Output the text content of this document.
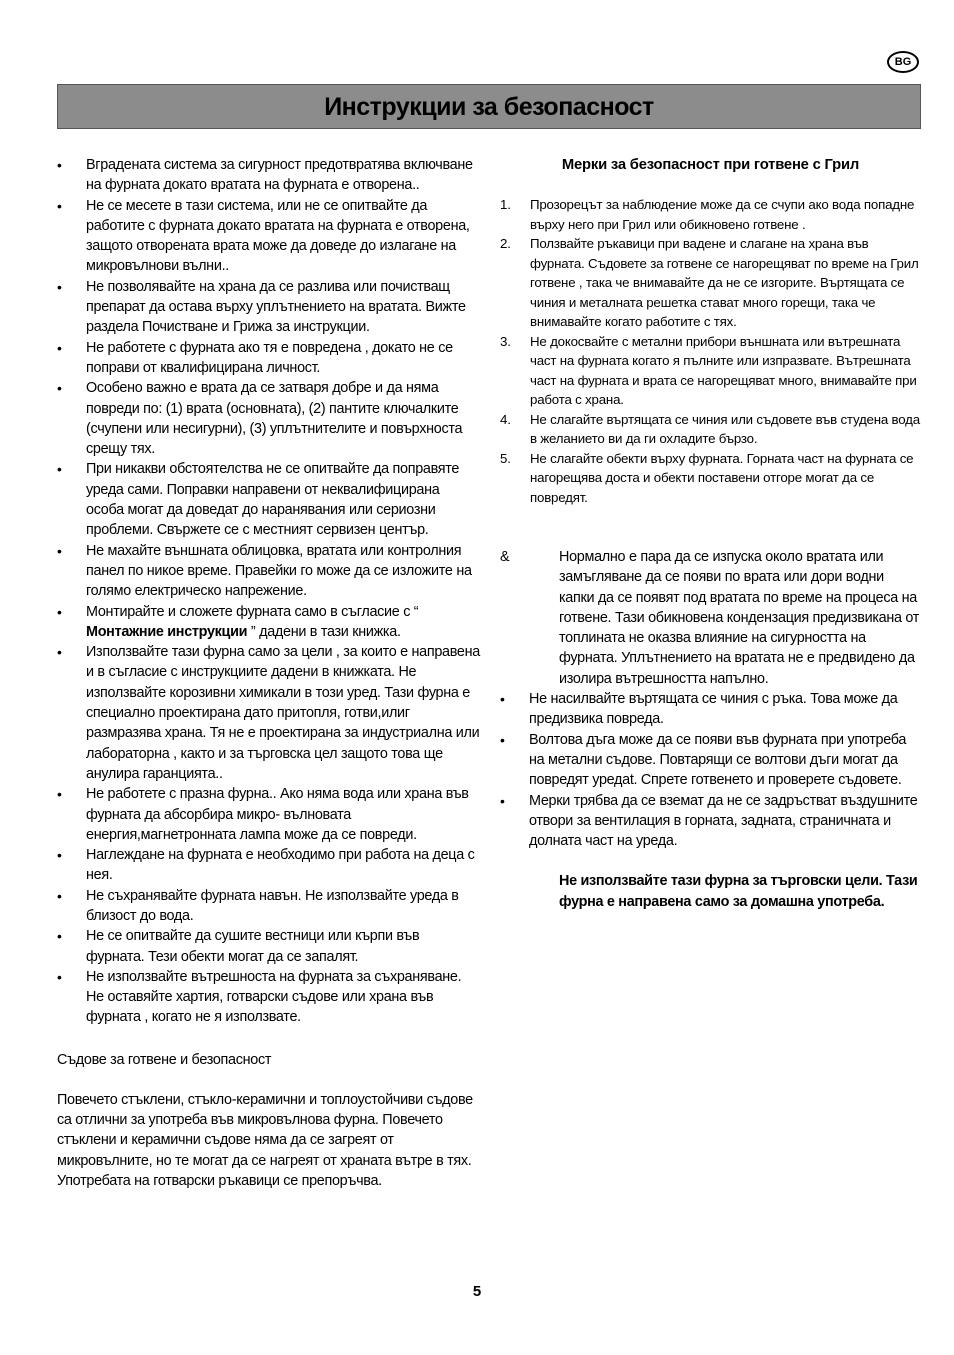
BG
Инструкции за безопасност
• Вградената система за сигурност предотвратява включване на фурната докато вратата на фурната е отворена..
• Не се месете в тази система, или не се опитвайте да работите с фурната докато вратата на фурната е отворена, защото отворената врата може да доведе до излагане на микровълнови вълни..
• Не позволявайте на храна да се разлива или почистващ препарат да остава върху уплътнението на вратата. Вижте раздела Почистване и Грижа за инструкции.
• Не работете с фурната ако тя е повредена , докато не се поправи от квалифицирана личност.
• Особено важно е врата да се затваря добре и да няма повреди по: (1) врата (основната), (2) пантите ключалките (счупени или несигурни), (3) уплътнителите и повърхноста срещу тях.
• При никакви обстоятелства не се опитвайте да поправяте уреда сами. Поправки направени от неквалифицирана особа могат да доведат до наранявания или сериозни проблеми. Свържете се с местният сервизен център.
• Не махайте външната облицовка, вратата или контролния панел по никое време. Правейки го може да се изложите на голямо електрическо напрежение.
• Монтирайте и сложете фурната само в съгласие с “ Монтажние инструкции ” дадени в тази книжка.
• Използвайте тази фурна само за цели , за които е направена и в съгласие с инструкциите дадени в книжката. Не използвайте корозивни химикали в този уред. Тази фурна е специално проектирана дато притопля, готви,илиг размразява храна. Тя не е проектирана за индустриална или лабораторна , както и за търговска цел защото това ще анулира гаранцията..
• Не работете с празна фурна.. Ако няма вода или храна във фурната да абсорбира микро- вълновата енергия,магнетронната лампа може да се повреди.
• Наглеждане на фурната е необходимо при работа на деца с нея.
• Не съхранявайте фурната навън. Не използвайте уреда в близост до вода.
• Не се опитвайте да сушите вестници или кърпи във фурната. Тези обекти могат да се запалят.
• Не използвайте вътрешноста на фурната за съхраняване. Не оставяйте хартия, готварски съдове или храна във фурната , когато не я използвате.
Съдове за готвене и безопасност
Повечето стъклени, стъкло-керамични и топлоустойчиви съдове са отлични за употреба във микровълнова фурна. Повечето стъклени и керамични съдове няма да се загреят от микровълните, но те могат да се нагреят от храната вътре в тях. Употребата на готварски ръкавици се препоръчва.
Мерки за безопасност при готвене с Грил
1. Прозорецът за наблюдение може да се счупи ако вода попадне върху него при Грил или обикновено готвене .
2. Ползвайте ръкавици при ваденe и слагане на храна във фурната. Съдовете за готвене се нагорещяват по време на Грил готвене , така че внимавайте да не се изгорите. Въртящата се чиния и металната решетка стават много горещи, така че внимавайте когато работите с тях.
3. Не докосвайте с метални прибори външната или вътрешната част на фурната когато я пълните или изпразвате. Вътрешната част на фурната и врата се нагорещяват много, внимавайте при работа с храна.
4. Не слагайте въртящата се чиния или съдовете във студена вода в желанието ви да ги охладите бързо.
5. Не слагайте обекти върху фурната. Горната част на фурната се нагорещява доста и обекти поставени отгоре могат да се повредят.
&	Нормално е пара да се изпуска около вратата или замъгляване да се появи по врата или дори водни капки да се появят под вратата по време на процеса на готвене. Тази обикновена кондензация предизвикана от топлината не оказва влияние на сигурността на фурната. Уплътнението на вратата не е предвидено да изолира вътрешността напълно.
• Не насилвайте въртящата се чиния с ръка. Това може да предизвика повреда.
• Волтова дъга може да се появи във фурната при употреба на метални съдове. Повтарящи се волтови дъги могат да повредят уредat. Спрете готвенето и проверете съдовете.
• Мерки трябва да се вземат да не се задръстват въздушните отвори за вентилация в горната, задната, страничната и долната част на уреда.
Не използвайте тази фурна за търговски цели. Тази фурна е направена само за домашна употреба.
5
